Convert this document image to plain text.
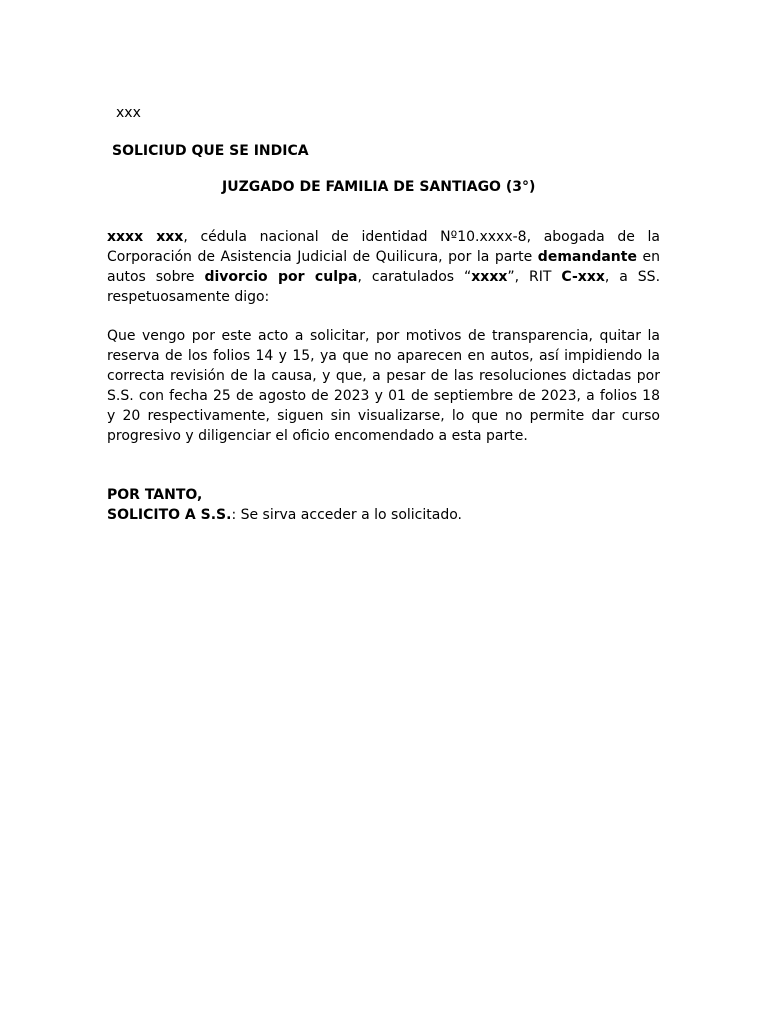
xxx
SOLICIUD QUE SE INDICA
JUZGADO DE FAMILIA DE SANTIAGO (3°)

xxxx xxx, cédula nacional de identidad Nº10.xxxx-8, abogada de la Corporación de Asistencia Judicial de Quilicura, por la parte demandante en autos sobre divorcio por culpa, caratulados “xxxx”, RIT C-xxx, a SS. respetuosamente digo:

Que vengo por este acto a solicitar, por motivos de transparencia, quitar la reserva de los folios 14 y 15, ya que no aparecen en autos, así impidiendo la correcta revisión de la causa, y que, a pesar de las resoluciones dictadas por S.S. con fecha 25 de agosto de 2023 y 01 de septiembre de 2023, a folios 18 y 20 respectivamente, siguen sin visualizarse, lo que no permite dar curso progresivo y diligenciar el oficio encomendado a esta parte.

POR TANTO,
SOLICITO A S.S.: Se sirva acceder a lo solicitado.
